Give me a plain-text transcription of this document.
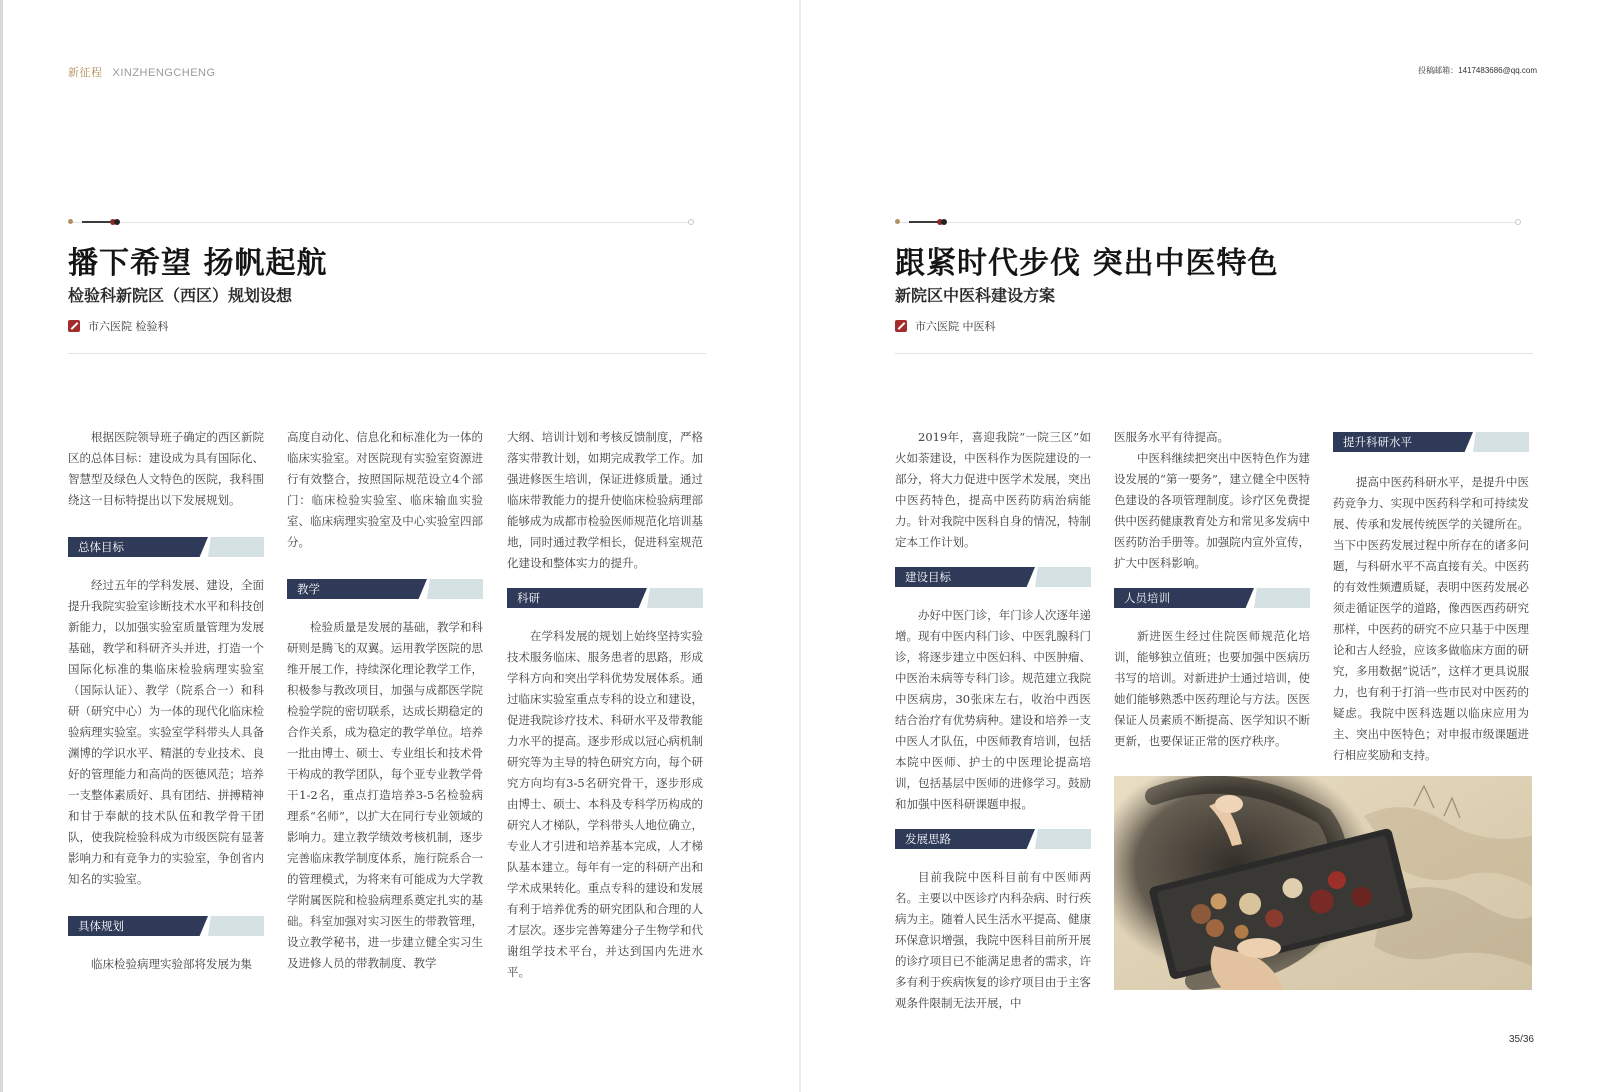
新征程 XINZHENGCHENG
播下希望 扬帆起航
检验科新院区（西区）规划设想
市六医院 检验科

根据医院领导班子确定的西区新院区的总体目标：建设成为具有国际化、智慧型及绿色人文特色的医院，我科围绕这一目标特提出以下发展规划。

总体目标

经过五年的学科发展、建设，全面提升我院实验室诊断技术水平和科技创新能力，以加强实验室质量管理为发展基础，教学和科研齐头并进，打造一个国际化标准的集临床检验病理实验室（国际认证）、教学（院系合一）和科研（研究中心）为一体的现代化临床检验病理实验室。实验室学科带头人具备渊博的学识水平、精湛的专业技术、良好的管理能力和高尚的医德风范；培养一支整体素质好、具有团结、拼搏精神和甘于奉献的技术队伍和教学骨干团队，使我院检验科成为市级医院有显著影响力和有竞争力的实验室，争创省内知名的实验室。

具体规划

临床检验病理实验部将发展为集

高度自动化、信息化和标准化为一体的临床实验室。对医院现有实验室资源进行有效整合，按照国际规范设立4个部门：临床检验实验室、临床输血实验室、临床病理实验室及中心实验室四部分。

教学

检验质量是发展的基础，教学和科研则是腾飞的双翼。运用教学医院的思维开展工作，持续深化理论教学工作，积极参与教改项目，加强与成都医学院检验学院的密切联系，达成长期稳定的合作关系，成为稳定的教学单位。培养一批由博士、硕士、专业组长和技术骨干构成的教学团队，每个亚专业教学骨干1-2名，重点打造培养3-5名检验病理系“名师”，以扩大在同行专业领域的影响力。建立教学绩效考核机制，逐步完善临床教学制度体系，施行院系合一的管理模式，为将来有可能成为大学教学附属医院和检验病理系奠定扎实的基础。科室加强对实习医生的带教管理，设立教学秘书，进一步建立健全实习生及进修人员的带教制度、教学

大纲、培训计划和考核反馈制度，严格落实带教计划，如期完成教学工作。加强进修医生培训，保证进修质量。通过临床带教能力的提升使临床检验病理部能够成为成都市检验医师规范化培训基地，同时通过教学相长，促进科室规范化建设和整体实力的提升。

科研

在学科发展的规划上始终坚持实验技术服务临床、服务患者的思路，形成学科方向和突出学科优势发展体系。通过临床实验室重点专科的设立和建设，促进我院诊疗技术、科研水平及带教能力水平的提高。逐步形成以冠心病机制研究等为主导的特色研究方向，每个研究方向均有3-5名研究骨干，逐步形成由博士、硕士、本科及专科学历构成的研究人才梯队，学科带头人地位确立，专业人才引进和培养基本完成，人才梯队基本建立。每年有一定的科研产出和学术成果转化。重点专科的建设和发展有利于培养优秀的研究团队和合理的人才层次。逐步完善筹建分子生物学和代谢组学技术平台，并达到国内先进水平。

投稿邮箱：1417483686@qq.com
跟紧时代步伐 突出中医特色
新院区中医科建设方案
市六医院 中医科

2019年，喜迎我院“一院三区”如火如荼建设，中医科作为医院建设的一部分，将大力促进中医学术发展，突出中医药特色，提高中医药防病治病能力。针对我院中医科自身的情况，特制定本工作计划。

建设目标

办好中医门诊，年门诊人次逐年递增。现有中医内科门诊、中医乳腺科门诊，将逐步建立中医妇科、中医肿瘤、中医治未病等专科门诊。规范建立我院中医病房，30张床左右，收治中西医结合治疗有优势病种。建设和培养一支中医人才队伍，中医师教育培训，包括本院中医师、护士的中医理论提高培训，包括基层中医师的进修学习。鼓励和加强中医科研课题申报。

发展思路

目前我院中医科目前有中医师两名。主要以中医诊疗内科杂病、时行疾病为主。随着人民生活水平提高、健康环保意识增强，我院中医科目前所开展的诊疗项目已不能满足患者的需求，许多有利于疾病恢复的诊疗项目由于主客观条件限制无法开展，中

医服务水平有待提高。

中医科继续把突出中医特色作为建设发展的“第一要务”，建立健全中医特色建设的各项管理制度。诊疗区免费提供中医药健康教育处方和常见多发病中医药防治手册等。加强院内宣外宣传，扩大中医科影响。

人员培训

新进医生经过住院医师规范化培训，能够独立值班；也要加强中医病历书写的培训。对新进护士通过培训，使她们能够熟悉中医药理论与方法。医医保证人员素质不断提高、医学知识不断更新，也要保证正常的医疗秩序。

提升科研水平

提高中医药科研水平，是提升中医药竞争力、实现中医药科学和可持续发展、传承和发展传统医学的关键所在。当下中医药发展过程中所存在的诸多问题，与科研水平不高直接有关。中医药的有效性频遭质疑，表明中医药发展必须走循证医学的道路，像西医西药研究那样，中医药的研究不应只基于中医理论和古人经验，应该多做临床方面的研究，多用数据“说话”，这样才更具说服力，也有利于打消一些市民对中医药的疑虑。我院中医科选题以临床应用为主、突出中医特色；对申报市级课题进行相应奖励和支持。

35/36
